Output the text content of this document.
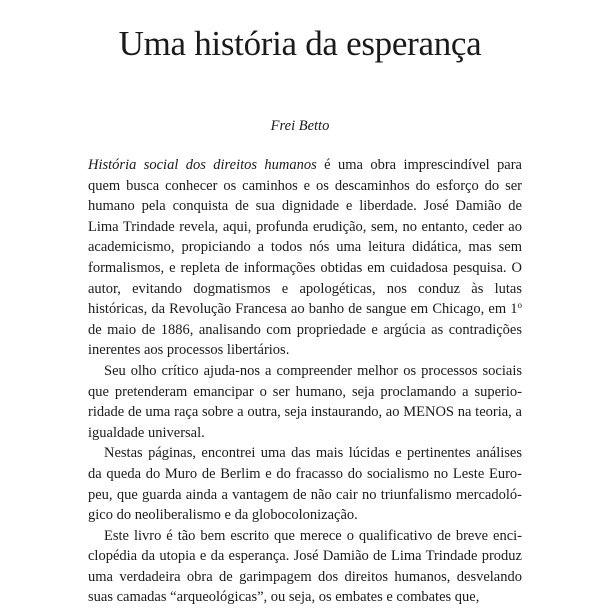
Uma história da esperança
Frei Betto

História social dos direitos humanos é uma obra imprescindível para quem busca conhecer os caminhos e os descaminhos do esforço do ser humano pela conquista de sua dignidade e liberdade. José Damião de Lima Trindade revela, aqui, profunda erudição, sem, no entanto, ceder ao academicismo, propiciando a todos nós uma leitura didática, mas sem formalismos, e repleta de informações obtidas em cuidadosa pesquisa. O autor, evitando dogmatismos e apologéticas, nos conduz às lutas históricas, da Revolução Francesa ao banho de sangue em Chicago, em 1$^o$ de maio de 1886, analisando com propriedade e argúcia as contradições inerentes aos processos libertários.

Seu olho crítico ajuda-nos a compreender melhor os processos sociais que pretenderam emancipar o ser humano, seja proclamando a superioridade de uma raça sobre a outra, seja instaurando, ao MENOS na teoria, a igualdade universal.

Nestas páginas, encontrei uma das mais lúcidas e pertinentes análises da queda do Muro de Berlim e do fracasso do socialismo no Leste Europeu, que guarda ainda a vantagem de não cair no triunfalismo mercadológico do neoliberalismo e da globocolonização.

Este livro é tão bem escrito que merece o qualificativo de breve enciclopédia da utopia e da esperança. José Damião de Lima Trindade produz uma verdadeira obra de garimpagem dos direitos humanos, desvelando suas camadas “arqueológicas”, ou seja, os embates e combates que,
